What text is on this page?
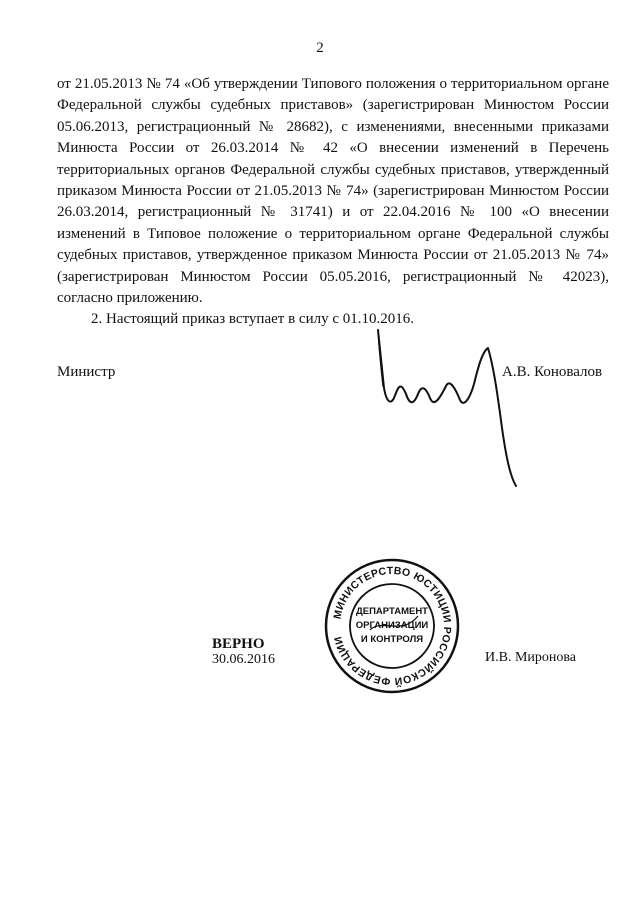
2

от 21.05.2013 № 74 «Об утверждении Типового положения о территориальном органе Федеральной службы судебных приставов» (зарегистрирован Минюстом России 05.06.2013, регистрационный № 28682), с изменениями, внесенными приказами Минюста России от 26.03.2014 № 42 «О внесении изменений в Перечень территориальных органов Федеральной службы судебных приставов, утвержденный приказом Минюста России от 21.05.2013 № 74» (зарегистрирован Минюстом России 26.03.2014, регистрационный № 31741) и от 22.04.2016 № 100 «О внесении изменений в Типовое положение о территориальном органе Федеральной службы судебных приставов, утвержденное приказом Минюста России от 21.05.2013 № 74» (зарегистрирован Минюстом России 05.05.2016, регистрационный № 42023), согласно приложению.

2. Настоящий приказ вступает в силу с 01.10.2016.

Министр	А.В. Коновалов
МИНИСТЕРСТВО ЮСТИЦИИ РОССИЙСКОЙ ФЕДЕРАЦИИ
ДЕПАРТАМЕНТ
ОРГАНИЗАЦИИ
И КОНТРОЛЯ
ВЕРНО
30.06.2016	И.В. Миронова
